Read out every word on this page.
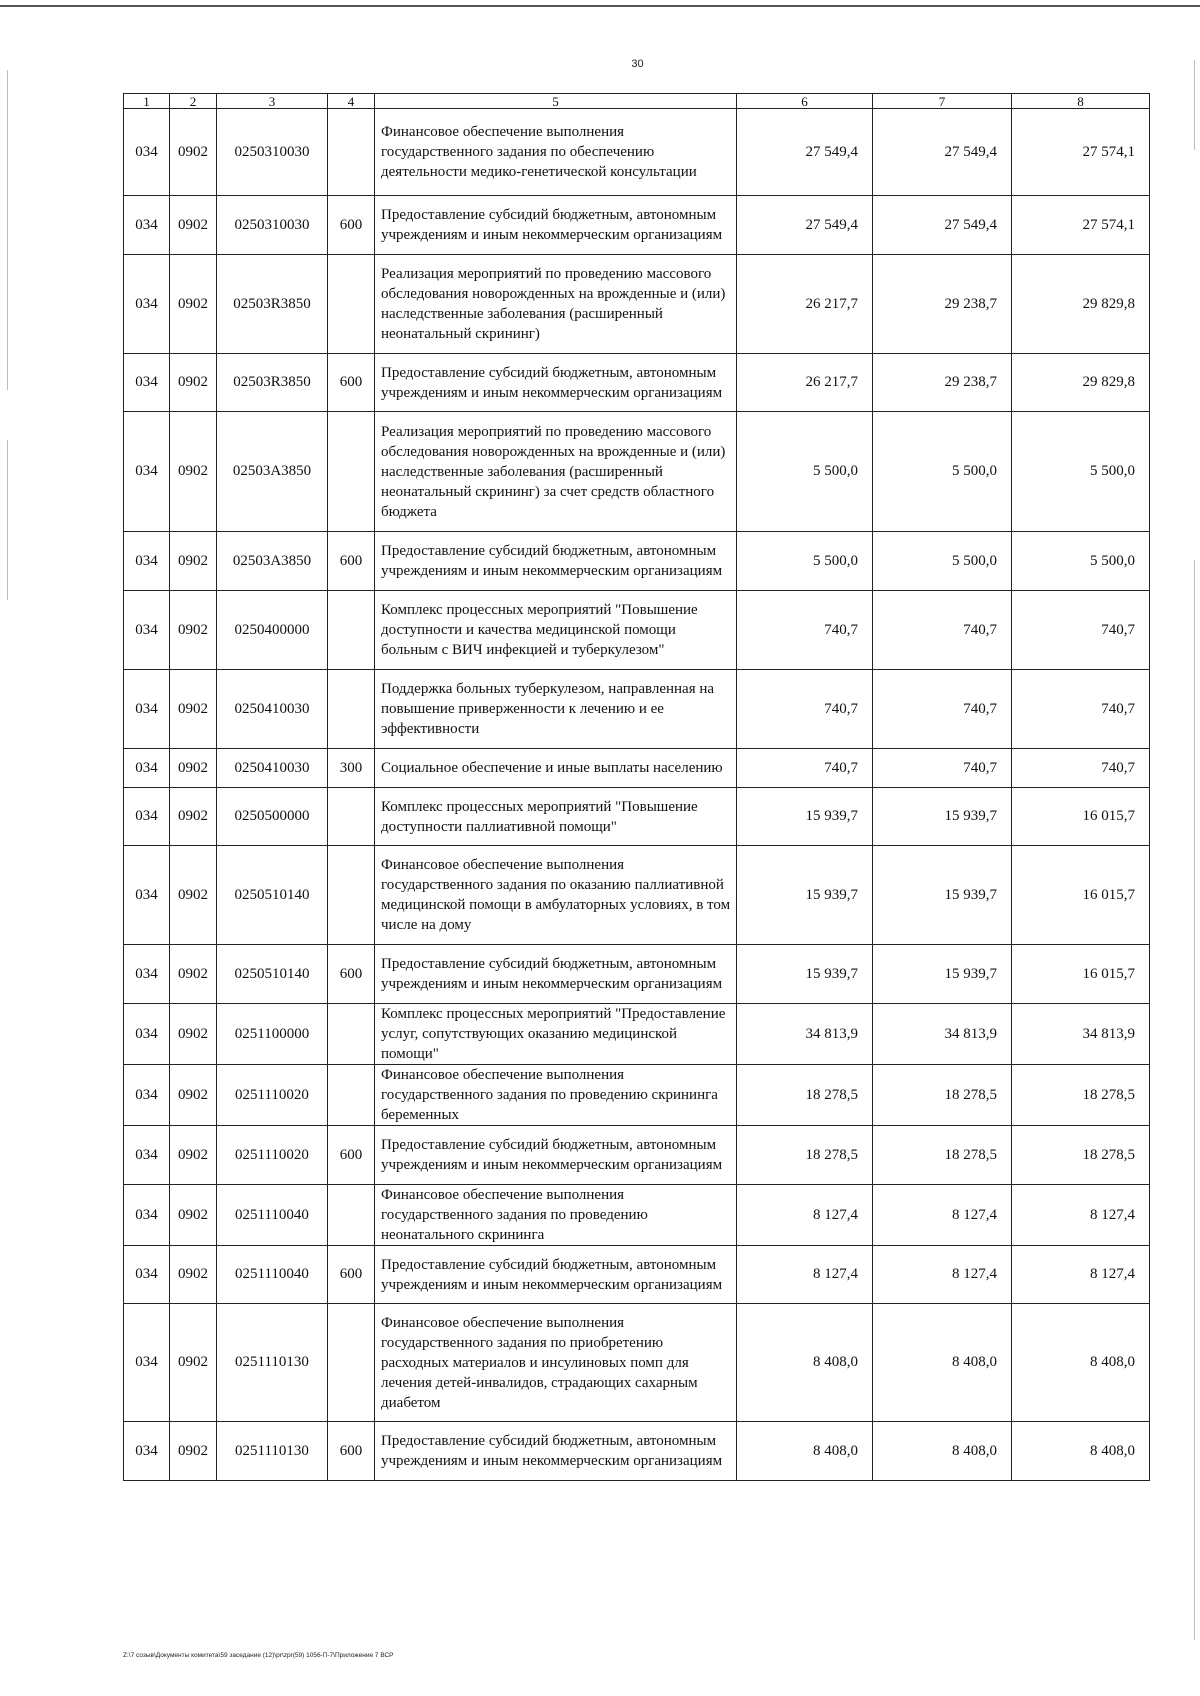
30
1	2	3	4	5	6	7	8
034	0902	0250310030		Финансовое обеспечение выполнения государственного задания по обеспечению деятельности медико-генетической консультации	27 549,4	27 549,4	27 574,1
034	0902	0250310030	600	Предоставление субсидий бюджетным, автономным учреждениям и иным некоммерческим организациям	27 549,4	27 549,4	27 574,1
034	0902	02503R3850		Реализация мероприятий по проведению массового обследования новорожденных на врожденные и (или) наследственные заболевания (расширенный неонатальный скрининг)	26 217,7	29 238,7	29 829,8
034	0902	02503R3850	600	Предоставление субсидий бюджетным, автономным учреждениям и иным некоммерческим организациям	26 217,7	29 238,7	29 829,8
034	0902	02503А3850		Реализация мероприятий по проведению массового обследования новорожденных на врожденные и (или) наследственные заболевания (расширенный неонатальный скрининг) за счет средств областного бюджета	5 500,0	5 500,0	5 500,0
034	0902	02503А3850	600	Предоставление субсидий бюджетным, автономным учреждениям и иным некоммерческим организациям	5 500,0	5 500,0	5 500,0
034	0902	0250400000		Комплекс процессных мероприятий "Повышение доступности и качества медицинской помощи больным с ВИЧ инфекцией и туберкулезом"	740,7	740,7	740,7
034	0902	0250410030		Поддержка больных туберкулезом, направленная на повышение приверженности к лечению и ее эффективности	740,7	740,7	740,7
034	0902	0250410030	300	Социальное обеспечение и иные выплаты населению	740,7	740,7	740,7
034	0902	0250500000		Комплекс процессных мероприятий "Повышение доступности паллиативной помощи"	15 939,7	15 939,7	16 015,7
034	0902	0250510140		Финансовое обеспечение выполнения государственного задания по оказанию паллиативной медицинской помощи в амбулаторных условиях, в том числе на дому	15 939,7	15 939,7	16 015,7
034	0902	0250510140	600	Предоставление субсидий бюджетным, автономным учреждениям и иным некоммерческим организациям	15 939,7	15 939,7	16 015,7
034	0902	0251100000		Комплекс процессных мероприятий "Предоставление услуг, сопутствующих оказанию медицинской помощи"	34 813,9	34 813,9	34 813,9
034	0902	0251110020		Финансовое обеспечение выполнения государственного задания по проведению скрининга беременных	18 278,5	18 278,5	18 278,5
034	0902	0251110020	600	Предоставление субсидий бюджетным, автономным учреждениям и иным некоммерческим организациям	18 278,5	18 278,5	18 278,5
034	0902	0251110040		Финансовое обеспечение выполнения государственного задания по проведению неонатального скрининга	8 127,4	8 127,4	8 127,4
034	0902	0251110040	600	Предоставление субсидий бюджетным, автономным учреждениям и иным некоммерческим организациям	8 127,4	8 127,4	8 127,4
034	0902	0251110130		Финансовое обеспечение выполнения государственного задания по приобретению расходных материалов и инсулиновых помп для лечения детей-инвалидов, страдающих сахарным диабетом	8 408,0	8 408,0	8 408,0
034	0902	0251110130	600	Предоставление субсидий бюджетным, автономным учреждениям и иным некоммерческим организациям	8 408,0	8 408,0	8 408,0
Z:\7 созыв\Документы комитета\59 заседание (12)\pr\zpr(59) 1056-П-7\Приложение 7 ВСР
